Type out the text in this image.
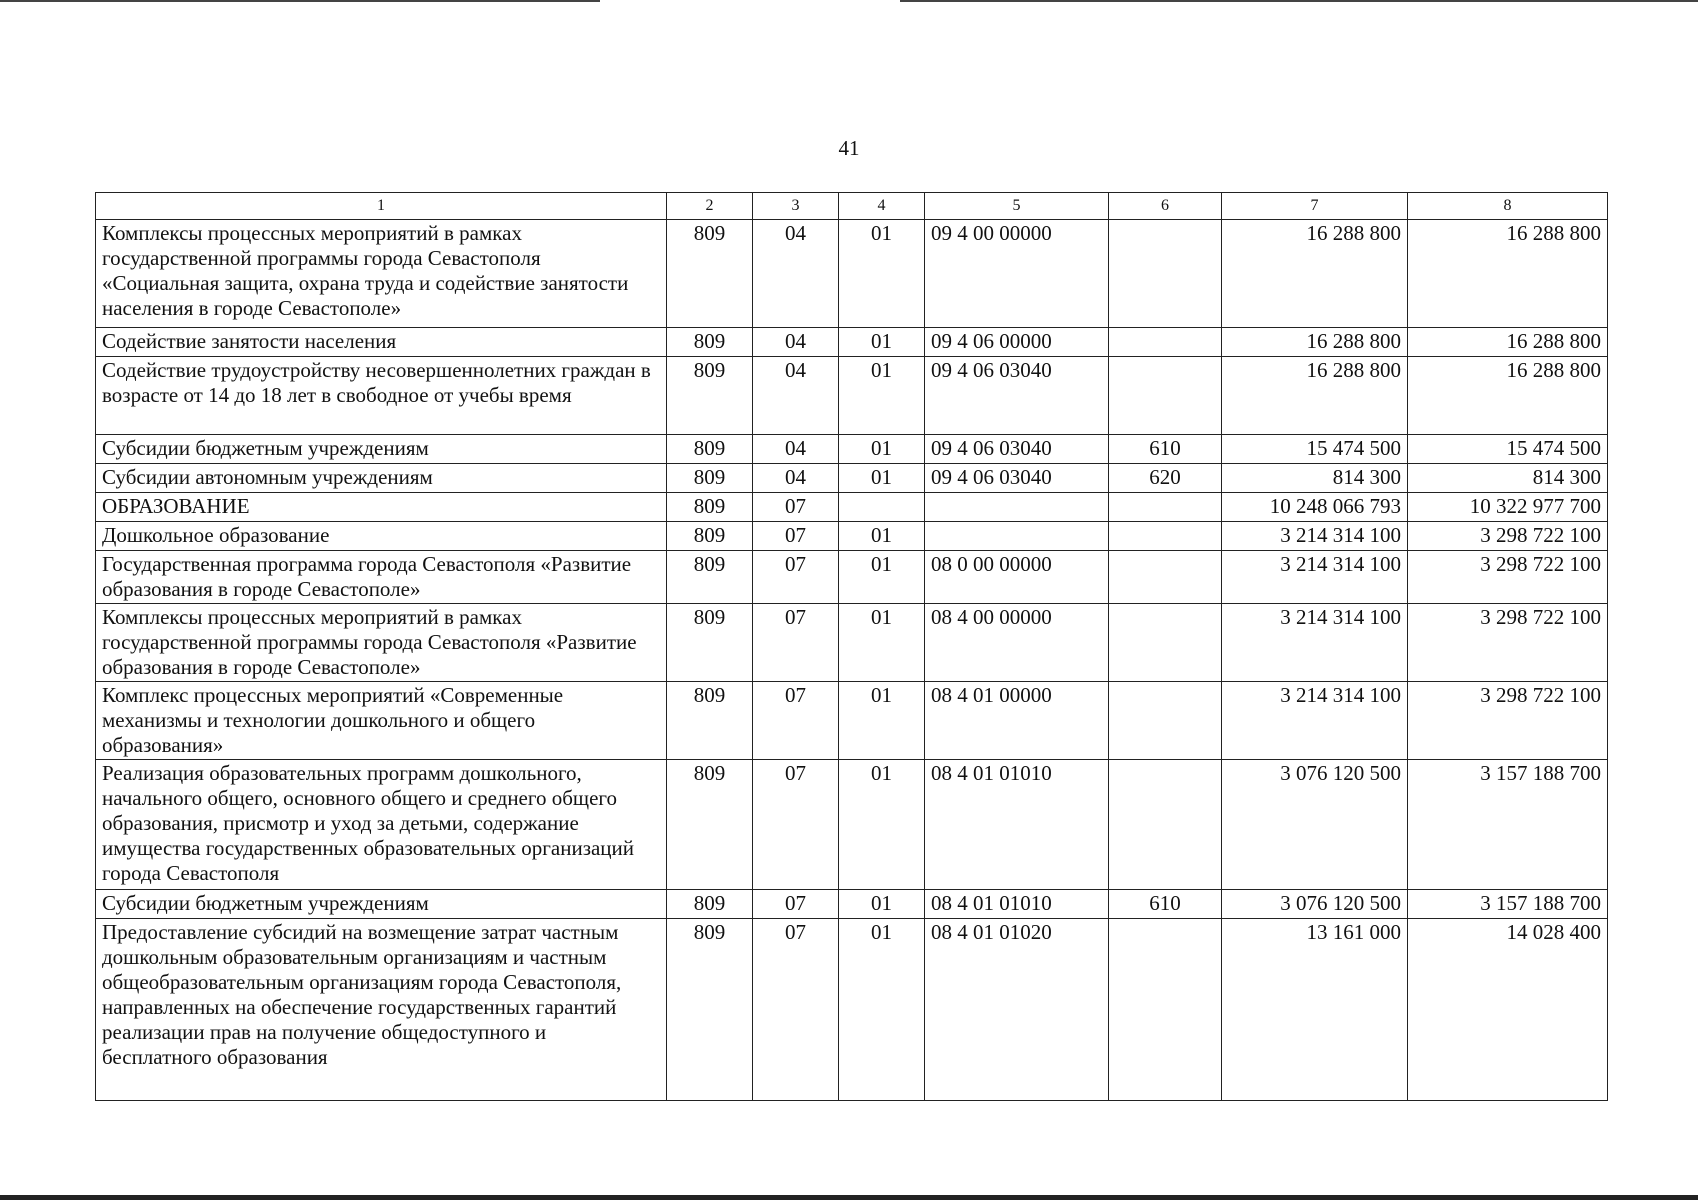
41
1	2	3	4	5	6	7	8
Комплексы процессных мероприятий в рамках государственной программы города Севастополя «Социальная защита, охрана труда и содействие занятости населения в городе Севастополе»	809	04	01	09 4 00 00000		16 288 800	16 288 800
Содействие занятости населения	809	04	01	09 4 06 00000		16 288 800	16 288 800
Содействие трудоустройству несовершеннолетних граждан в возрасте от 14 до 18 лет в свободное от учебы время	809	04	01	09 4 06 03040		16 288 800	16 288 800
Субсидии бюджетным учреждениям	809	04	01	09 4 06 03040	610	15 474 500	15 474 500
Субсидии автономным учреждениям	809	04	01	09 4 06 03040	620	814 300	814 300
ОБРАЗОВАНИЕ	809	07				10 248 066 793	10 322 977 700
Дошкольное образование	809	07	01			3 214 314 100	3 298 722 100
Государственная программа города Севастополя «Развитие образования в городе Севастополе»	809	07	01	08 0 00 00000		3 214 314 100	3 298 722 100
Комплексы процессных мероприятий в рамках государственной программы города Севастополя «Развитие образования в городе Севастополе»	809	07	01	08 4 00 00000		3 214 314 100	3 298 722 100
Комплекс процессных мероприятий «Современные механизмы и технологии дошкольного и общего образования»	809	07	01	08 4 01 00000		3 214 314 100	3 298 722 100
Реализация образовательных программ дошкольного, начального общего, основного общего и среднего общего образования, присмотр и уход за детьми, содержание имущества государственных образовательных организаций города Севастополя	809	07	01	08 4 01 01010		3 076 120 500	3 157 188 700
Субсидии бюджетным учреждениям	809	07	01	08 4 01 01010	610	3 076 120 500	3 157 188 700
Предоставление субсидий на возмещение затрат частным дошкольным образовательным организациям и частным общеобразовательным организациям города Севастополя, направленных на обеспечение государственных гарантий реализации прав на получение общедоступного и бесплатного образования	809	07	01	08 4 01 01020		13 161 000	14 028 400
